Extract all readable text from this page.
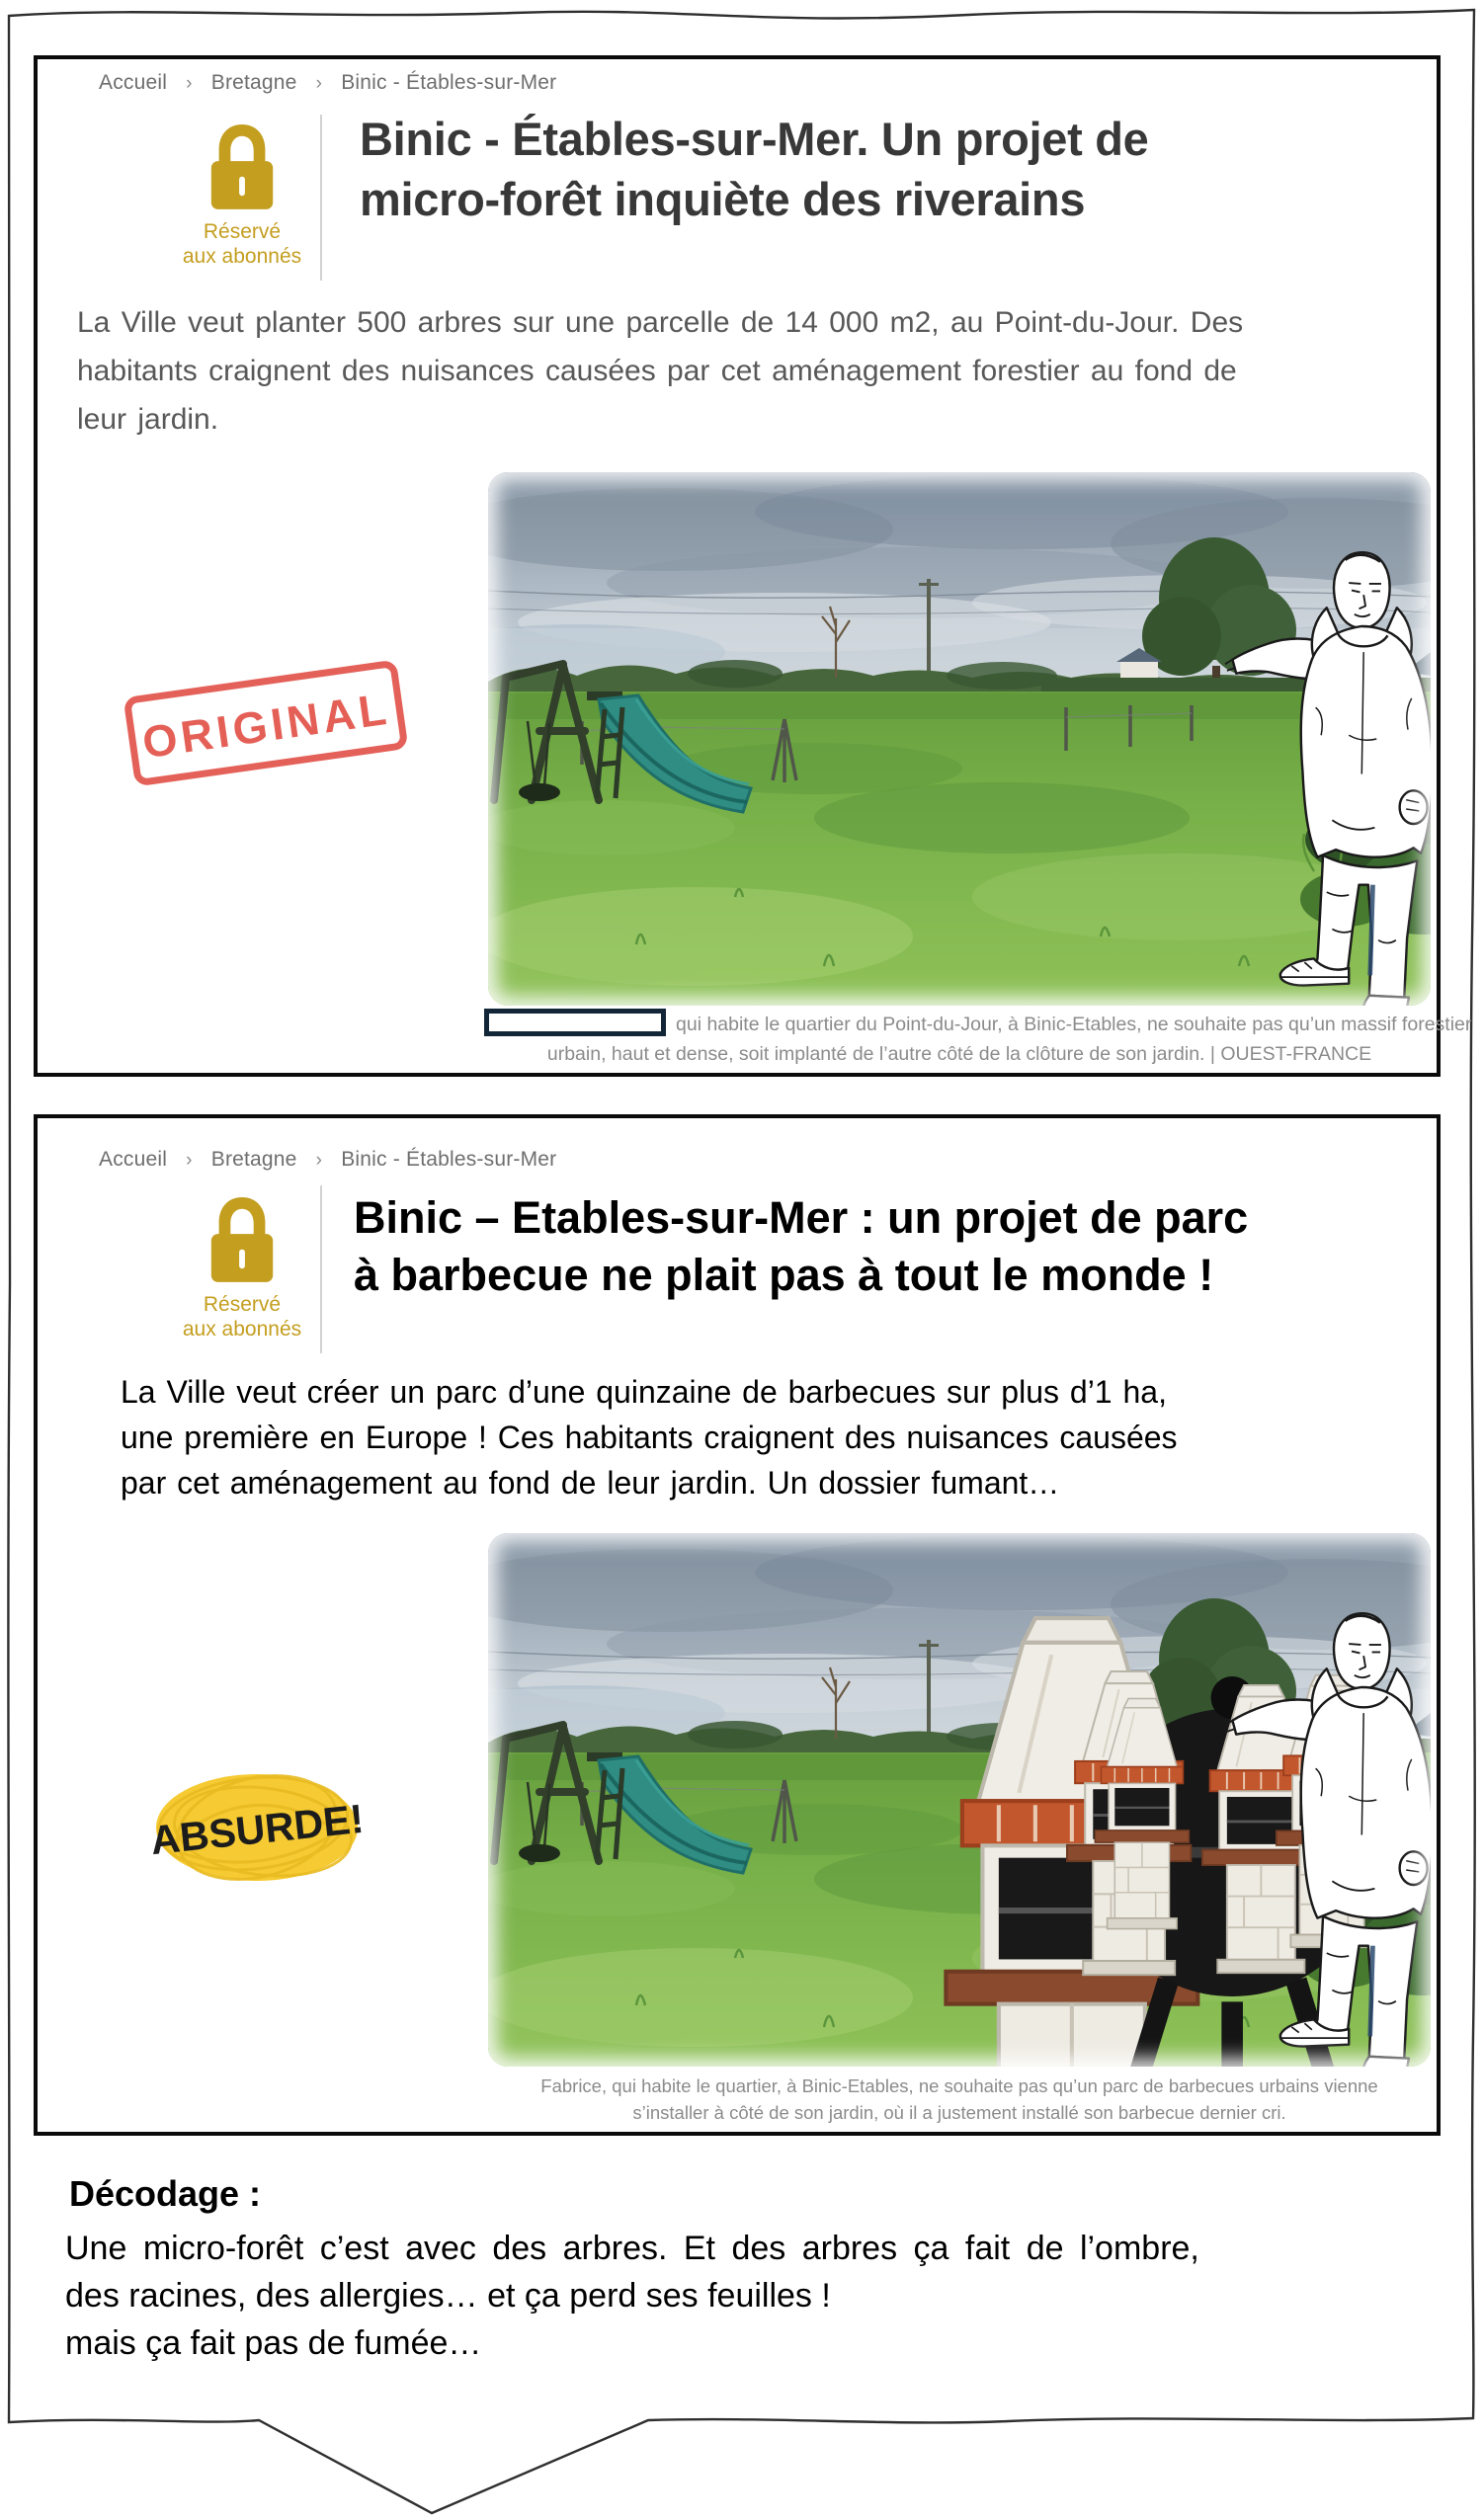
Accueil › Bretagne › Binic - Étables-sur-Mer
Réservé
aux abonnés
Binic - Étables-sur-Mer. Un projet de
micro-forêt inquiète des riverains
La Ville veut planter 500 arbres sur une parcelle de 14 000 m2, au Point-du-Jour. Des
habitants craignent des nuisances causées par cet aménagement forestier au fond de
leur jardin.
ORIGINAL
qui habite le quartier du Point-du-Jour, à Binic-Etables, ne souhaite pas qu’un massif forestier
urbain, haut et dense, soit implanté de l’autre côté de la clôture de son jardin. | OUEST-FRANCE
Accueil › Bretagne › Binic - Étables-sur-Mer
Réservé
aux abonnés
Binic – Etables-sur-Mer : un projet de parc
à barbecue ne plait pas à tout le monde !
La Ville veut créer un parc d’une quinzaine de barbecues sur plus d’1 ha,
une première en Europe ! Ces habitants craignent des nuisances causées
par cet aménagement au fond de leur jardin. Un dossier fumant…
ABSURDE!
Fabrice, qui habite le quartier, à Binic-Etables, ne souhaite pas qu’un parc de barbecues urbains vienne
s’installer à côté de son jardin, où il a justement installé son barbecue dernier cri.
Décodage :
Une micro-forêt c’est avec des arbres. Et des arbres ça fait de l’ombre,
des racines, des allergies… et ça perd ses feuilles !
mais ça fait pas de fumée…
